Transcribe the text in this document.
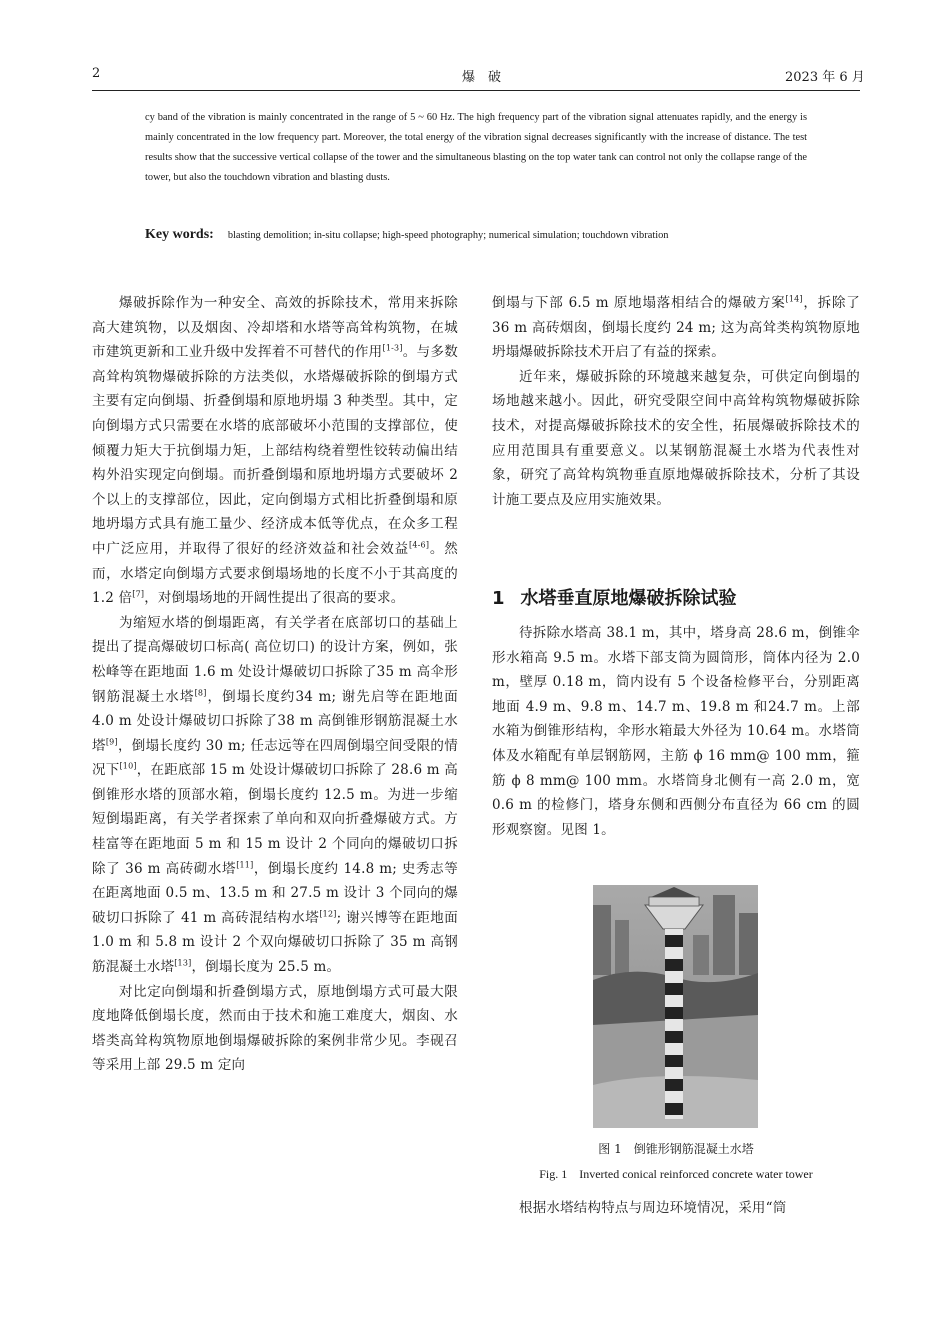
2	爆　破	2023 年 6 月
cy band of the vibration is mainly concentrated in the range of 5 ~ 60 Hz. The high frequency part of the vibration signal attenuates rapidly, and the energy is mainly concentrated in the low frequency part. Moreover, the total energy of the vibration signal decreases significantly with the increase of distance. The test results show that the successive vertical collapse of the tower and the simultaneous blasting on the top water tank can control not only the collapse range of the tower, but also the touchdown vibration and blasting dusts.
Key words: blasting demolition; in-situ collapse; high-speed photography; numerical simulation; touchdown vibration

爆破拆除作为一种安全、高效的拆除技术，常用来拆除高大建筑物，以及烟囱、冷却塔和水塔等高耸构筑物，在城市建筑更新和工业升级中发挥着不可替代的作用[1-3]。与多数高耸构筑物爆破拆除的方法类似，水塔爆破拆除的倒塌方式主要有定向倒塌、折叠倒塌和原地坍塌 3 种类型。其中，定向倒塌方式只需要在水塔的底部破坏小范围的支撑部位，使倾覆力矩大于抗倒塌力矩，上部结构绕着塑性铰转动偏出结构外沿实现定向倒塌。而折叠倒塌和原地坍塌方式要破坏 2 个以上的支撑部位，因此，定向倒塌方式相比折叠倒塌和原地坍塌方式具有施工量少、经济成本低等优点，在众多工程中广泛应用，并取得了很好的经济效益和社会效益[4-6]。然而，水塔定向倒塌方式要求倒塌场地的长度不小于其高度的 1.2 倍[7]，对倒塌场地的开阔性提出了很高的要求。

为缩短水塔的倒塌距离，有关学者在底部切口的基础上提出了提高爆破切口标高( 高位切口) 的设计方案，例如，张松峰等在距地面 1.6 m 处设计爆破切口拆除了35 m 高伞形钢筋混凝土水塔[8]，倒塌长度约34 m; 谢先启等在距地面 4.0 m 处设计爆破切口拆除了38 m 高倒锥形钢筋混凝土水塔[9]，倒塌长度约 30 m; 任志远等在四周倒塌空间受限的情况下[10]，在距底部 15 m 处设计爆破切口拆除了 28.6 m 高倒锥形水塔的顶部水箱，倒塌长度约 12.5 m。为进一步缩短倒塌距离，有关学者探索了单向和双向折叠爆破方式。方桂富等在距地面 5 m 和 15 m 设计 2 个同向的爆破切口拆除了 36 m 高砖砌水塔[11]，倒塌长度约 14.8 m; 史秀志等在距离地面 0.5 m、13.5 m 和 27.5 m 设计 3 个同向的爆破切口拆除了 41 m 高砖混结构水塔[12]; 谢兴博等在距地面 1.0 m 和 5.8 m 设计 2 个双向爆破切口拆除了 35 m 高钢筋混凝土水塔[13]，倒塌长度为 25.5 m。

对比定向倒塌和折叠倒塌方式，原地倒塌方式可最大限度地降低倒塌长度，然而由于技术和施工难度大，烟囱、水塔类高耸构筑物原地倒塌爆破拆除的案例非常少见。李砚召等采用上部 29.5 m 定向

倒塌与下部 6.5 m 原地塌落相结合的爆破方案[14]，拆除了 36 m 高砖烟囱，倒塌长度约 24 m; 这为高耸类构筑物原地坍塌爆破拆除技术开启了有益的探索。

近年来，爆破拆除的环境越来越复杂，可供定向倒塌的场地越来越小。因此，研究受限空间中高耸构筑物爆破拆除技术，对提高爆破拆除技术的安全性，拓展爆破拆除技术的应用范围具有重要意义。以某钢筋混凝土水塔为代表性对象，研究了高耸构筑物垂直原地爆破拆除技术，分析了其设计施工要点及应用实施效果。

1 水塔垂直原地爆破拆除试验

待拆除水塔高 38.1 m，其中，塔身高 28.6 m，倒锥伞形水箱高 9.5 m。水塔下部支筒为圆筒形，筒体内径为 2.0 m，壁厚 0.18 m，筒内设有 5 个设备检修平台，分别距离地面 4.9 m、9.8 m、14.7 m、19.8 m 和24.7 m。上部水箱为倒锥形结构，伞形水箱最大外径为 10.64 m。水塔筒体及水箱配有单层钢筋网，主筋 ϕ 16 mm@ 100 mm，箍筋 ϕ 8 mm@ 100 mm。水塔筒身北侧有一高 2.0 m，宽 0.6 m 的检修门，塔身东侧和西侧分布直径为 66 cm 的圆形观察窗。见图 1。

图 1　倒锥形钢筋混凝土水塔
Fig. 1　Inverted conical reinforced concrete water tower

根据水塔结构特点与周边环境情况，采用“筒
